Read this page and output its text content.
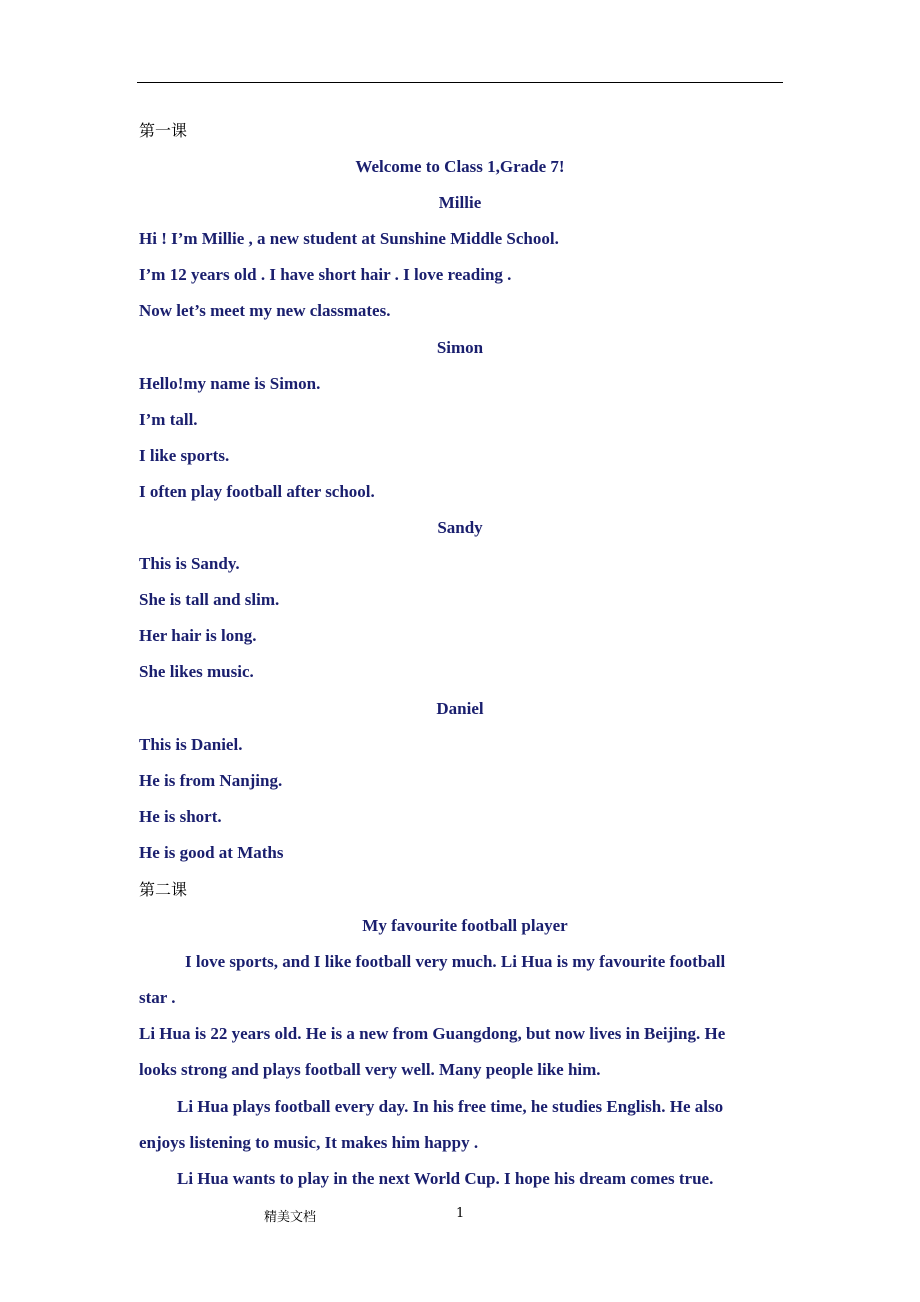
第一课
Welcome to Class 1,Grade 7!
Millie
Hi ! I’m Millie , a new student at Sunshine Middle School.
I’m 12 years old . I have short hair . I love reading .
Now let’s meet my new classmates.
Simon
Hello!my name is Simon.
I’m tall.
I like sports.
I often play football after school.
Sandy
This is Sandy.
She is tall and slim.
Her hair is long.
She likes music.
Daniel
This is Daniel.
He is from Nanjing.
He is short.
He is good at Maths
第二课
My favourite football player
I love sports, and I like football very much. Li Hua is my favourite football
star .
Li Hua is 22 years old. He is a new from Guangdong, but now lives in Beijing. He
looks strong and plays football very well. Many people like him.
Li Hua plays football every day. In his free time, he studies English. He also
enjoys listening to music, It makes him happy .
Li Hua wants to play in the next World Cup. I hope his dream comes true.
精美文档	1
